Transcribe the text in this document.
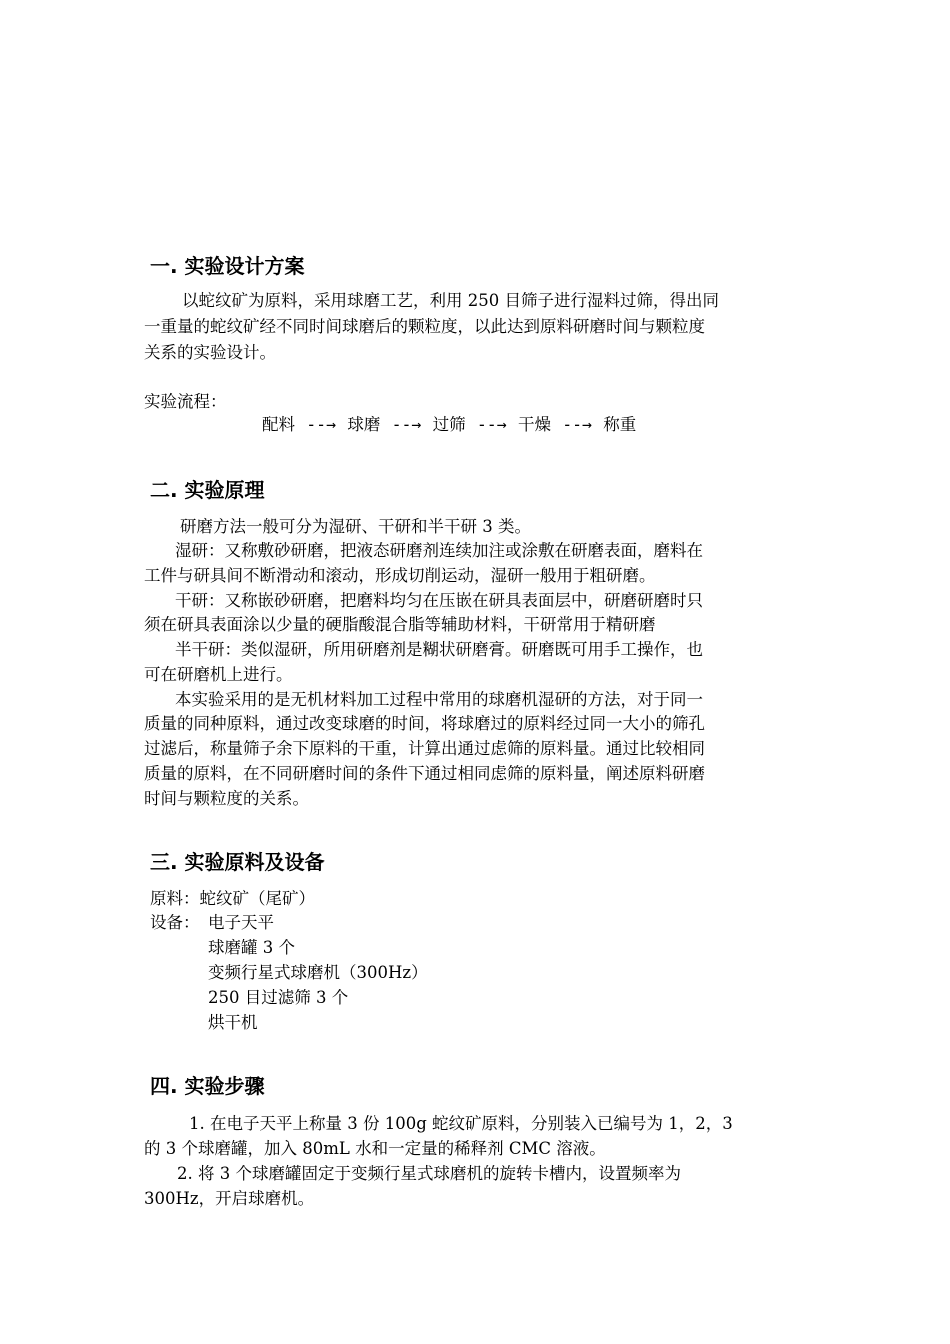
一. 实验设计方案
以蛇纹矿为原料，采用球磨工艺，利用 250 目筛子进行湿料过筛，得出同
一重量的蛇纹矿经不同时间球磨后的颗粒度，以此达到原料研磨时间与颗粒度
关系的实验设计。
实验流程：
配料 --→ 球磨 --→ 过筛 --→ 干燥 --→ 称重
二. 实验原理
研磨方法一般可分为湿研、干研和半干研 3 类。
湿研：又称敷砂研磨，把液态研磨剂连续加注或涂敷在研磨表面，磨料在
工件与研具间不断滑动和滚动，形成切削运动，湿研一般用于粗研磨。
干研：又称嵌砂研磨，把磨料均匀在压嵌在研具表面层中，研磨研磨时只
须在研具表面涂以少量的硬脂酸混合脂等辅助材料，干研常用于精研磨
半干研：类似湿研，所用研磨剂是糊状研磨膏。研磨既可用手工操作，也
可在研磨机上进行。
本实验采用的是无机材料加工过程中常用的球磨机湿研的方法，对于同一
质量的同种原料，通过改变球磨的时间，将球磨过的原料经过同一大小的筛孔
过滤后，称量筛子余下原料的干重，计算出通过虑筛的原料量。通过比较相同
质量的原料，在不同研磨时间的条件下通过相同虑筛的原料量，阐述原料研磨
时间与颗粒度的关系。
三. 实验原料及设备
原料：蛇纹矿（尾矿）
设备： 电子天平
球磨罐 3 个
变频行星式球磨机（300Hz）
250 目过滤筛 3 个
烘干机
四. 实验步骤
1. 在电子天平上称量 3 份 100g 蛇纹矿原料，分别装入已编号为 1，2，3
的 3 个球磨罐，加入 80mL 水和一定量的稀释剂 CMC 溶液。
2. 将 3 个球磨罐固定于变频行星式球磨机的旋转卡槽内，设置频率为
300Hz，开启球磨机。
